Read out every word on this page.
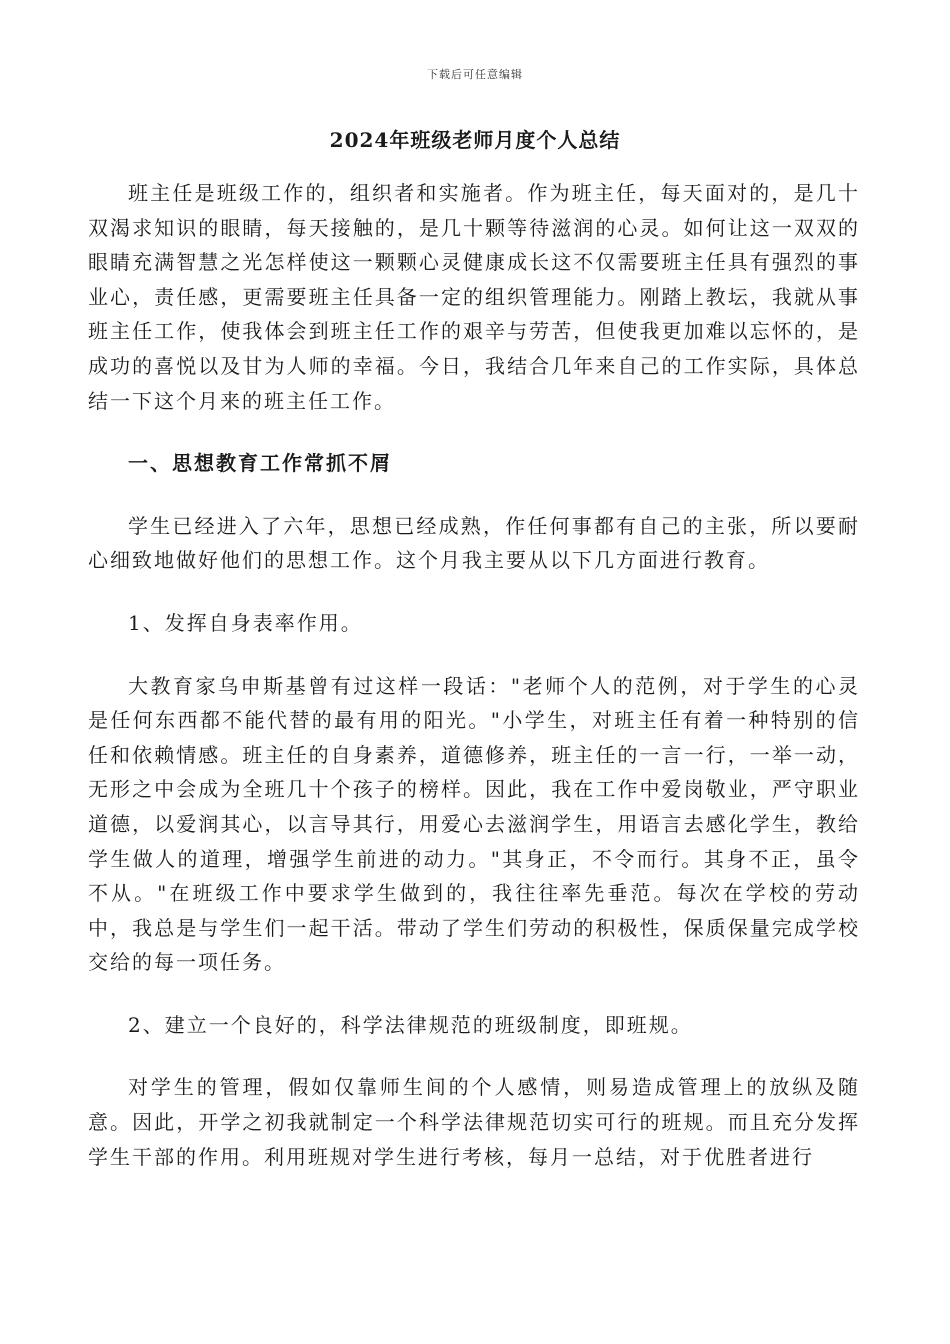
下载后可任意编辑
2024年班级老师月度个人总结

班主任是班级工作的，组织者和实施者。作为班主任，每天面对的，是几十双渴求知识的眼睛，每天接触的，是几十颗等待滋润的心灵。如何让这一双双的眼睛充满智慧之光怎样使这一颗颗心灵健康成长这不仅需要班主任具有强烈的事业心，责任感，更需要班主任具备一定的组织管理能力。刚踏上教坛，我就从事班主任工作，使我体会到班主任工作的艰辛与劳苦，但使我更加难以忘怀的，是成功的喜悦以及甘为人师的幸福。今日，我结合几年来自己的工作实际，具体总结一下这个月来的班主任工作。

一、思想教育工作常抓不屑

学生已经进入了六年，思想已经成熟，作任何事都有自己的主张，所以要耐心细致地做好他们的思想工作。这个月我主要从以下几方面进行教育。

1、发挥自身表率作用。

大教育家乌申斯基曾有过这样一段话："老师个人的范例，对于学生的心灵是任何东西都不能代替的最有用的阳光。"小学生，对班主任有着一种特别的信任和依赖情感。班主任的自身素养，道德修养，班主任的一言一行，一举一动，无形之中会成为全班几十个孩子的榜样。因此，我在工作中爱岗敬业，严守职业道德，以爱润其心，以言导其行，用爱心去滋润学生，用语言去感化学生，教给学生做人的道理，增强学生前进的动力。"其身正，不令而行。其身不正，虽令不从。"在班级工作中要求学生做到的，我往往率先垂范。每次在学校的劳动中，我总是与学生们一起干活。带动了学生们劳动的积极性，保质保量完成学校交给的每一项任务。

2、建立一个良好的，科学法律规范的班级制度，即班规。

对学生的管理，假如仅靠师生间的个人感情，则易造成管理上的放纵及随意。因此，开学之初我就制定一个科学法律规范切实可行的班规。而且充分发挥学生干部的作用。利用班规对学生进行考核，每月一总结，对于优胜者进行
